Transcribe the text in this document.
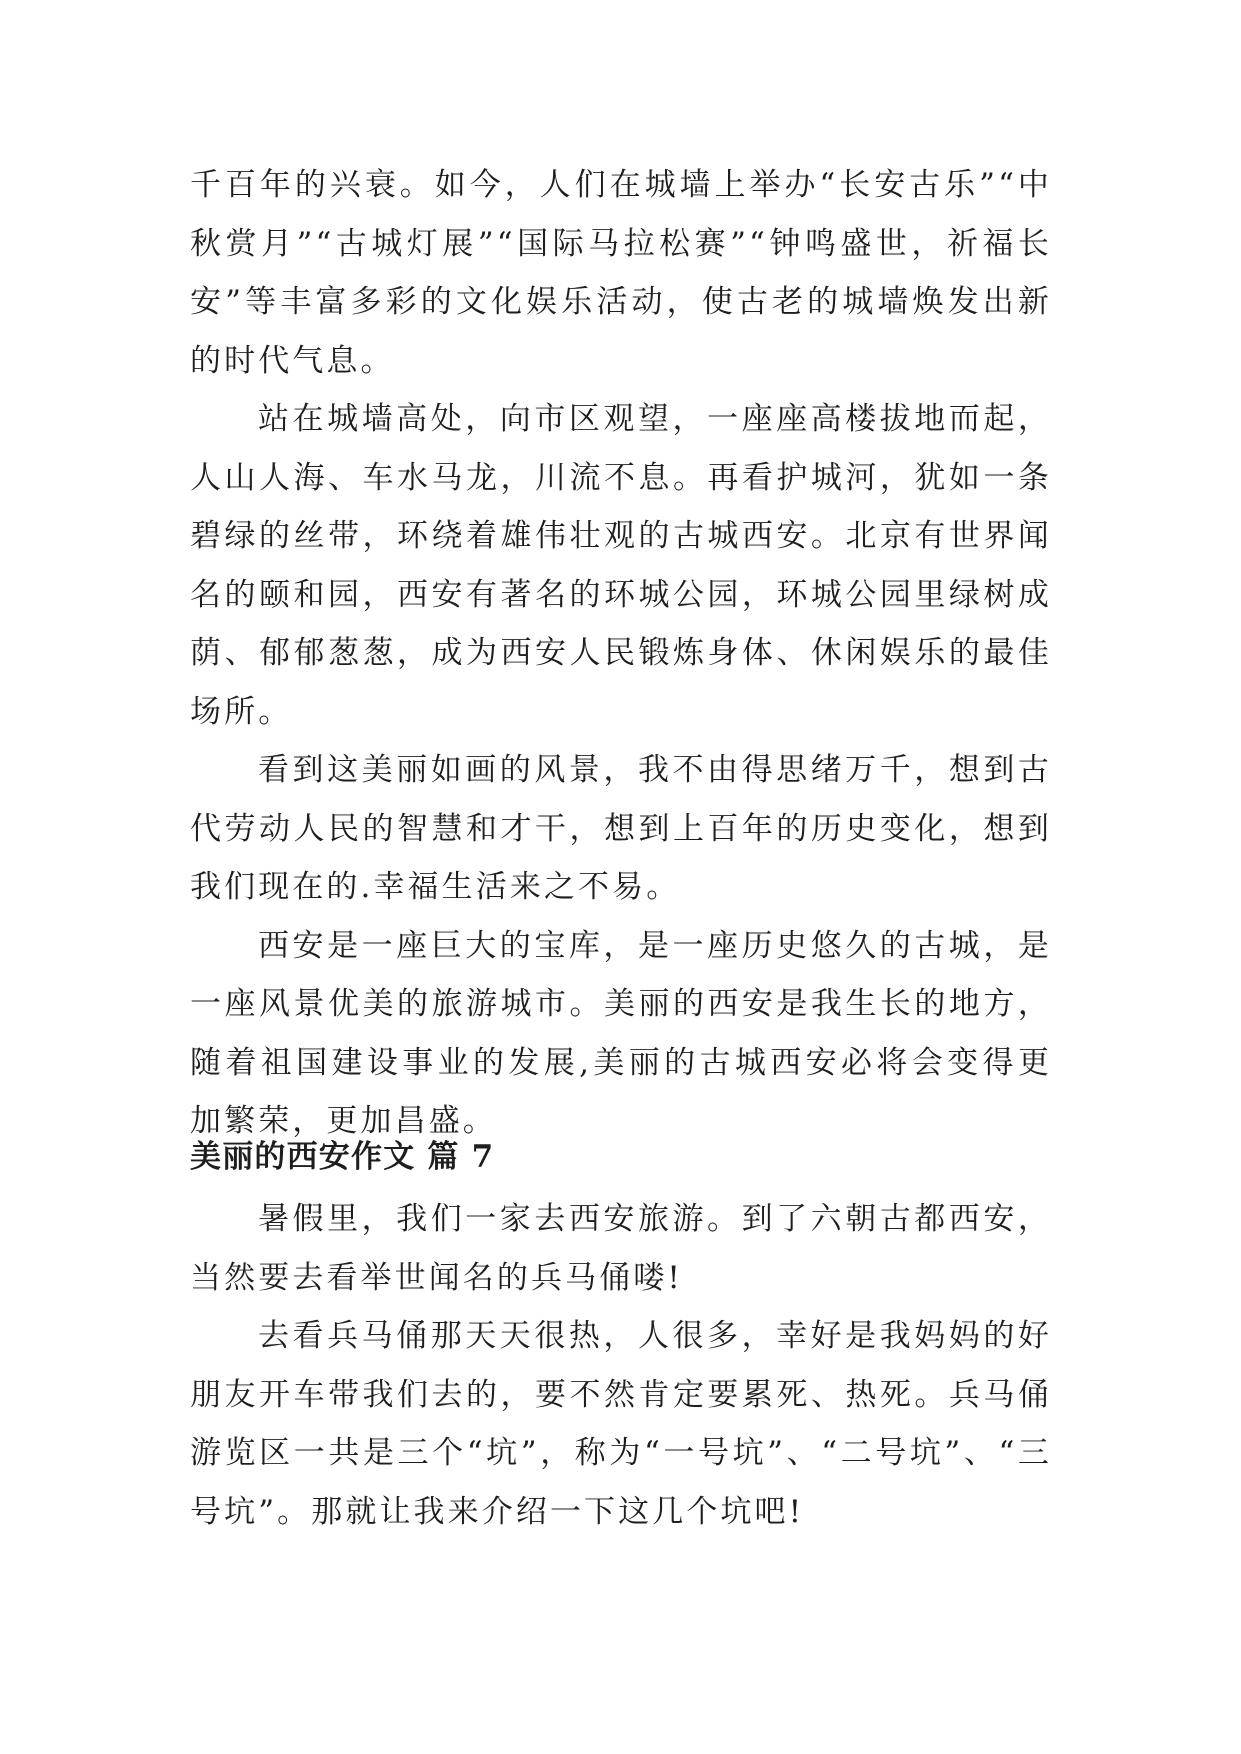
千百年的兴衰。如今，人们在城墙上举办“长安古乐”“中秋赏月”“古城灯展”“国际马拉松赛”“钟鸣盛世，祈福长安”等丰富多彩的文化娱乐活动，使古老的城墙焕发出新的时代气息。

站在城墙高处，向市区观望，一座座高楼拔地而起，人山人海、车水马龙，川流不息。再看护城河，犹如一条碧绿的丝带，环绕着雄伟壮观的古城西安。北京有世界闻名的颐和园，西安有著名的环城公园，环城公园里绿树成荫、郁郁葱葱，成为西安人民锻炼身体、休闲娱乐的最佳场所。

看到这美丽如画的风景，我不由得思绪万千，想到古代劳动人民的智慧和才干，想到上百年的历史变化，想到我们现在的.幸福生活来之不易。

西安是一座巨大的宝库，是一座历史悠久的古城，是一座风景优美的旅游城市。美丽的西安是我生长的地方，随着祖国建设事业的发展,美丽的古城西安必将会变得更加繁荣，更加昌盛。

美丽的西安作文 篇 7

暑假里，我们一家去西安旅游。到了六朝古都西安，当然要去看举世闻名的兵马俑喽!

去看兵马俑那天天很热，人很多，幸好是我妈妈的好朋友开车带我们去的，要不然肯定要累死、热死。兵马俑游览区一共是三个“坑”，称为“一号坑”、“二号坑”、“三号坑”。那就让我来介绍一下这几个坑吧!
